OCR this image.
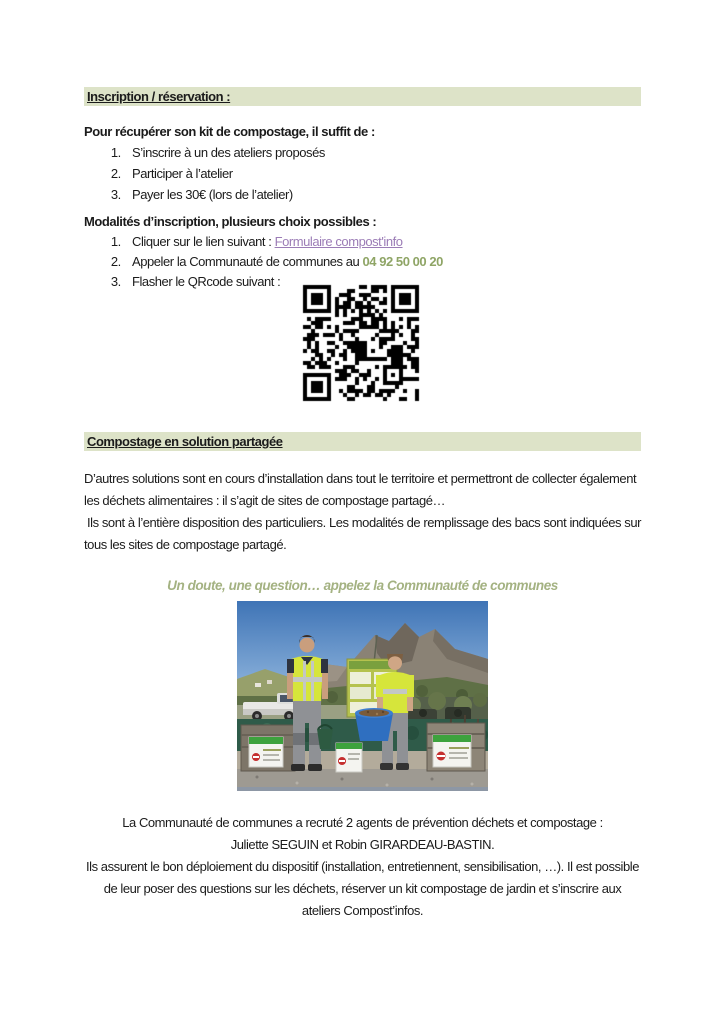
Inscription / réservation :

Pour récupérer son kit de compostage, il suffit de :

1. S’inscrire à un des ateliers proposés
2. Participer à l’atelier
3. Payer les 30€ (lors de l’atelier)

Modalités d’inscription, plusieurs choix possibles :

1. Cliquer sur le lien suivant : Formulaire compost'info
2. Appeler la Communauté de communes au 04 92 50 00 20
3. Flasher le QRcode suivant :
Compostage en solution partagée

D’autres solutions sont en cours d’installation dans tout le territoire et permettront de collecter également les déchets alimentaires : il s’agit de sites de compostage partagé…

Ils sont à l’entière disposition des particuliers. Les modalités de remplissage des bacs sont indiquées sur tous les sites de compostage partagé.

Un doute, une question… appelez la Communauté de communes

La Communauté de communes a recruté 2 agents de prévention déchets et compostage :
Juliette SEGUIN et Robin GIRARDEAU-BASTIN.
Ils assurent le bon déploiement du dispositif (installation, entretiennent, sensibilisation, …). Il est possible de leur poser des questions sur les déchets, réserver un kit compostage de jardin et s’inscrire aux ateliers Compost’infos.
